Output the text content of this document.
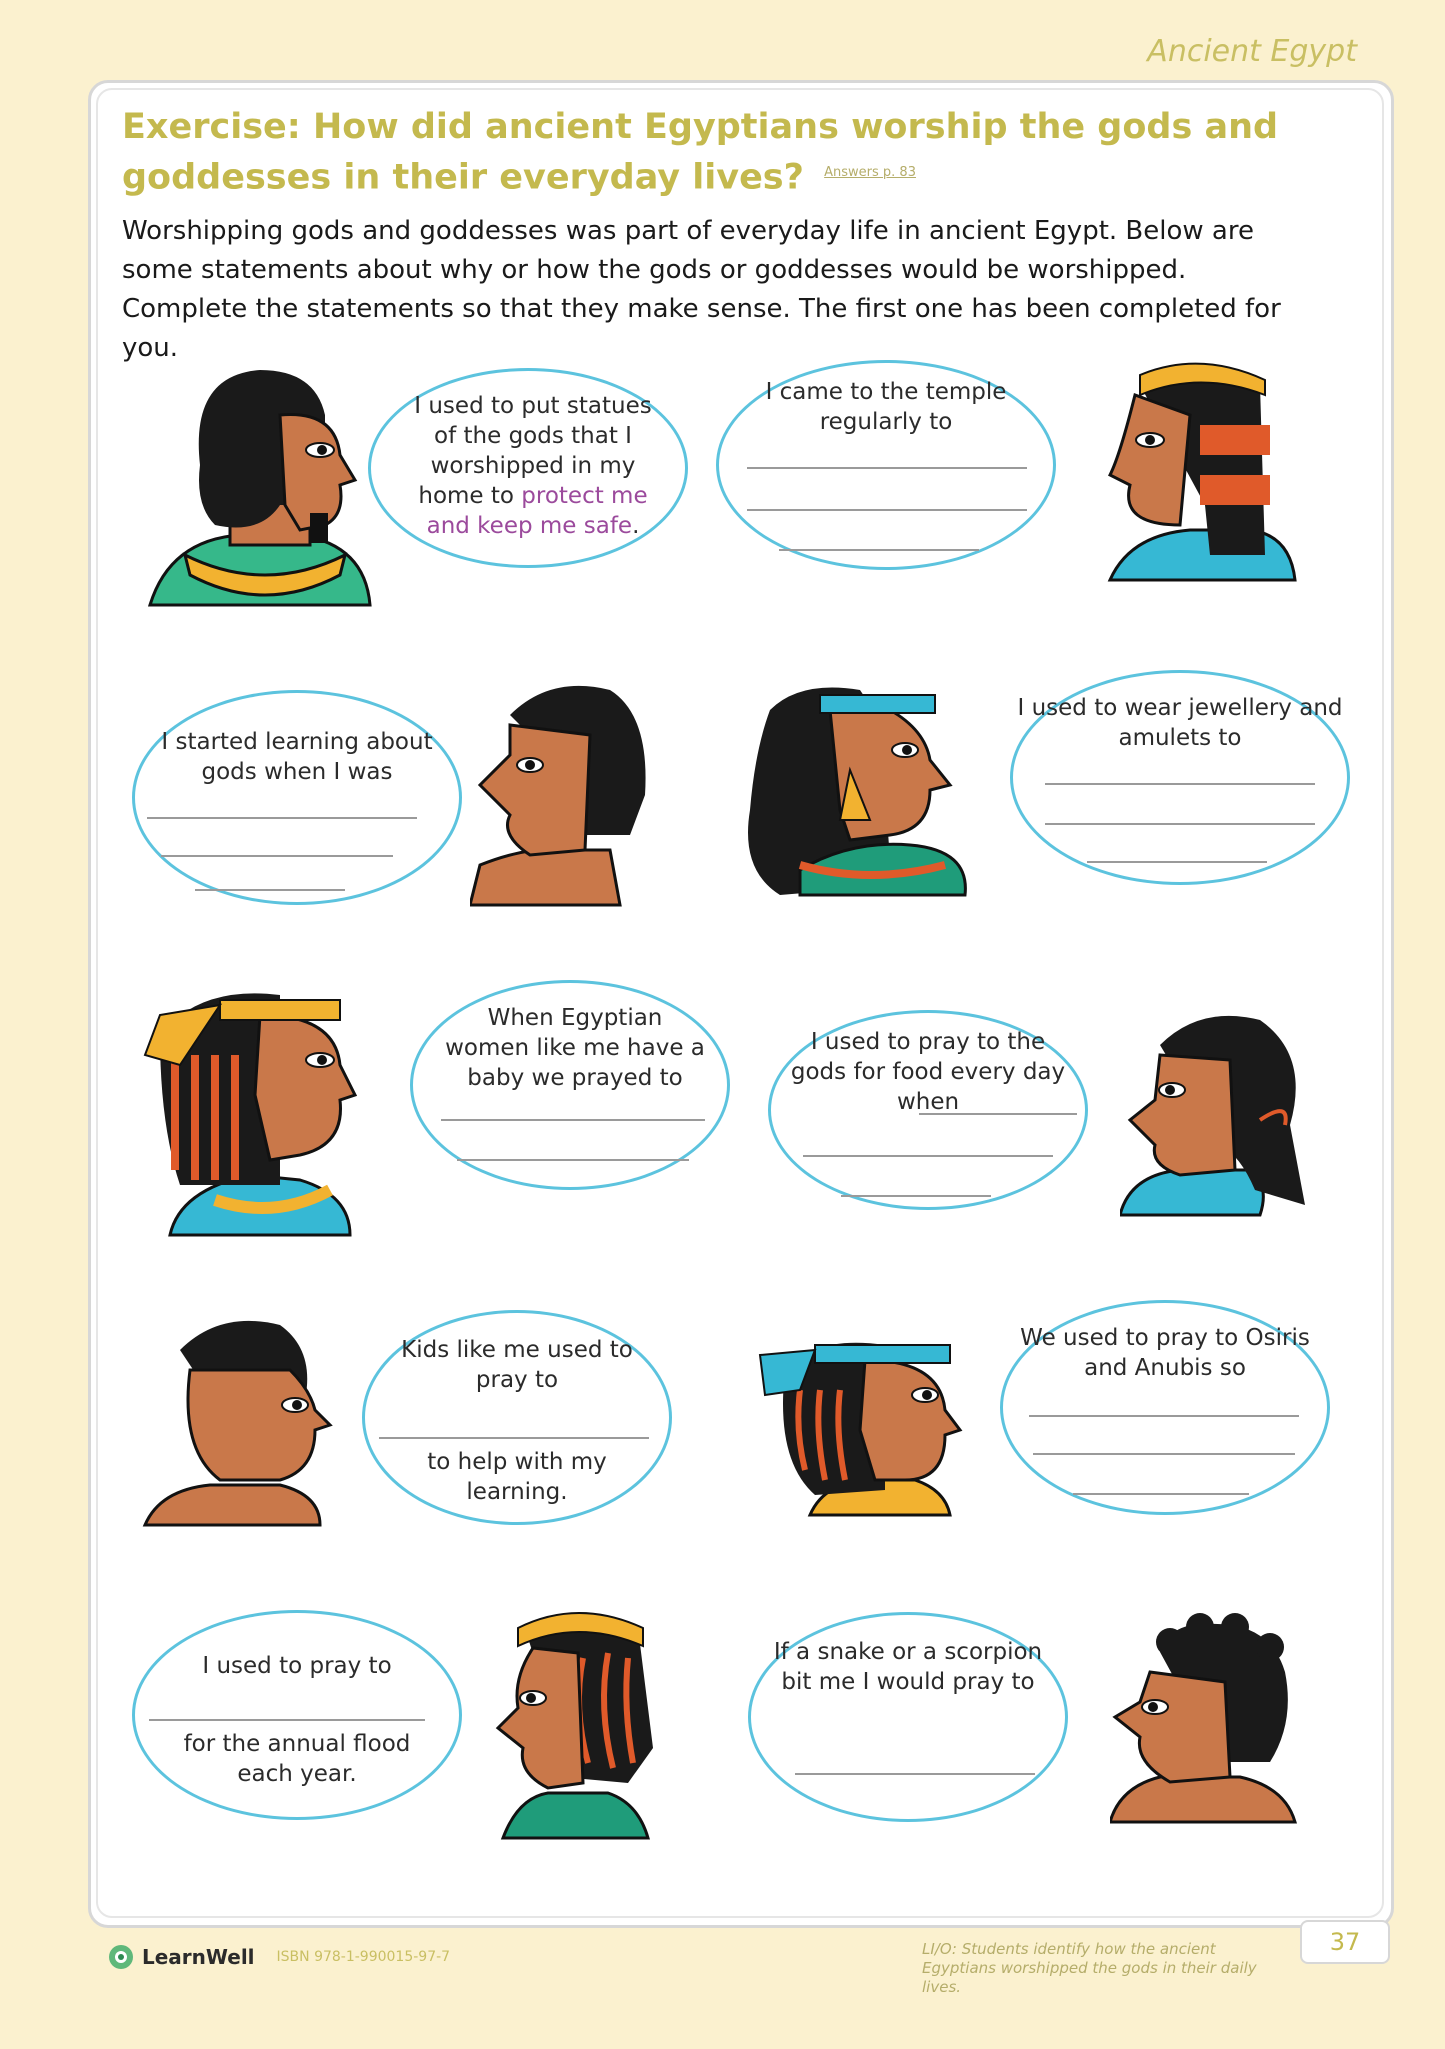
Ancient Egypt
Exercise: How did ancient Egyptians worship the gods and goddesses in their everyday lives? $^{Answers p. 83}$
Worshipping gods and goddesses was part of everyday life in ancient Egypt. Below are some statements about why or how the gods or goddesses would be worshipped. Complete the statements so that they make sense. The first one has been completed for you.
I used to put statues of the gods that I worshipped in my home to protect me and keep me safe.
I came to the temple regularly to
I started learning about gods when I was
I used to wear jewellery and amulets to
When Egyptian women like me have a baby we prayed to
I used to pray to the gods for food every day when
Kids like me used to pray to
to help with my learning.
We used to pray to Osiris and Anubis so
I used to pray to
for the annual flood each year.
If a snake or a scorpion bit me I would pray to
LearnWell ISBN 978-1-990015-97-7	LI/O: Students identify how the ancient Egyptians worshipped the gods in their daily lives.
37
